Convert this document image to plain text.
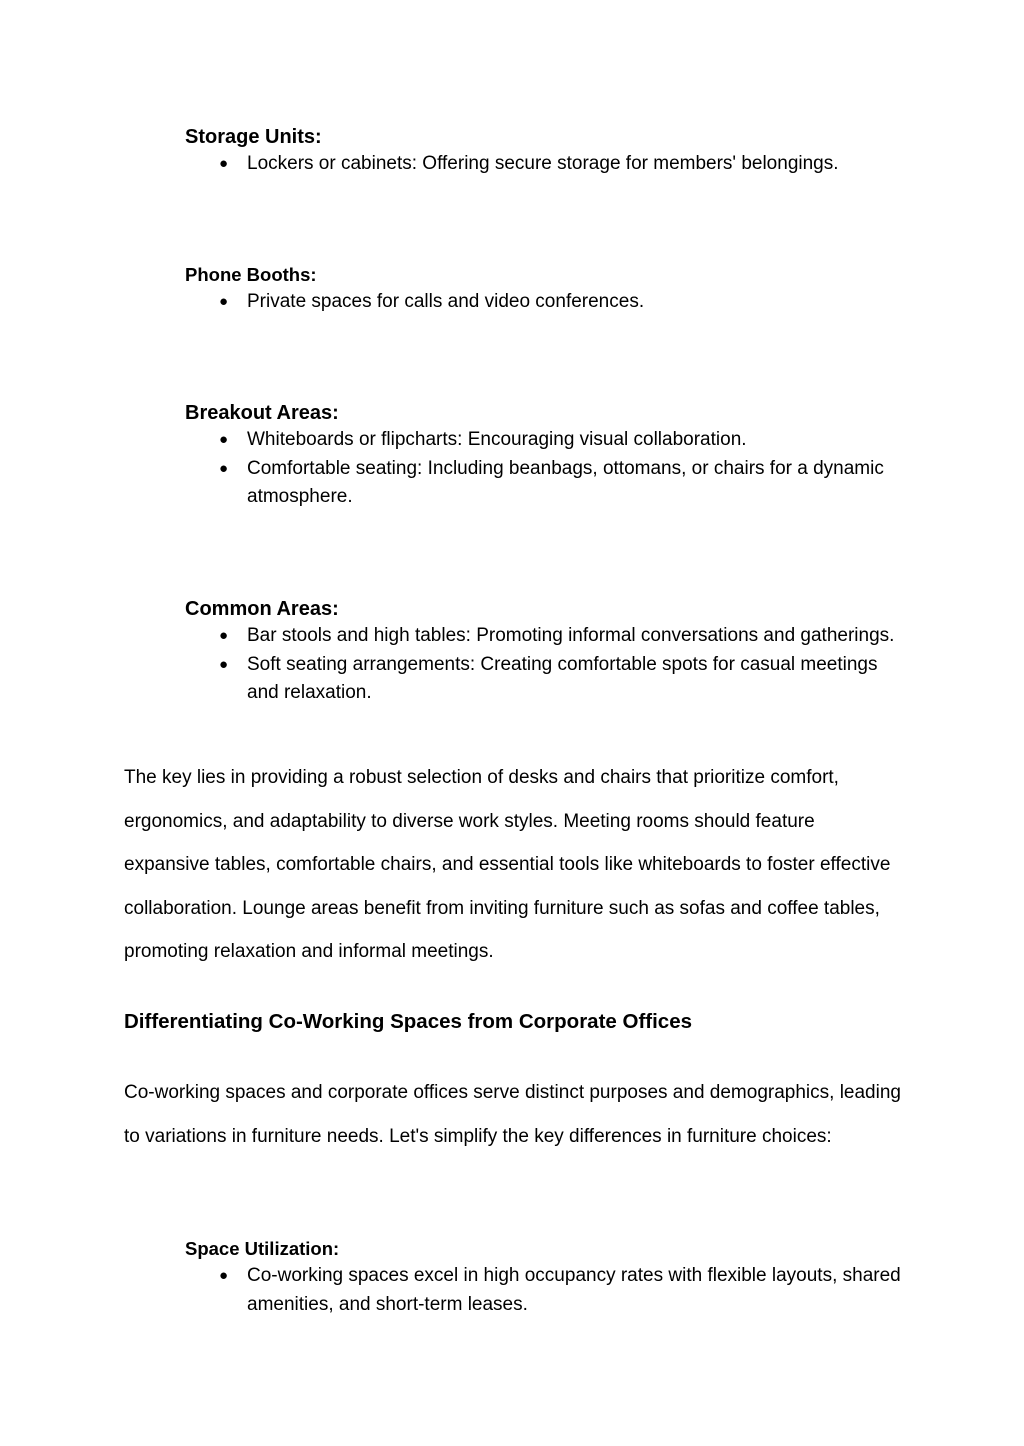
Storage Units:

● Lockers or cabinets: Offering secure storage for members' belongings.

Phone Booths:

● Private spaces for calls and video conferences.

Breakout Areas:

● Whiteboards or flipcharts: Encouraging visual collaboration.
● Comfortable seating: Including beanbags, ottomans, or chairs for a dynamic atmosphere.

Common Areas:

● Bar stools and high tables: Promoting informal conversations and gatherings.
● Soft seating arrangements: Creating comfortable spots for casual meetings and relaxation.

The key lies in providing a robust selection of desks and chairs that prioritize comfort, ergonomics, and adaptability to diverse work styles. Meeting rooms should feature expansive tables, comfortable chairs, and essential tools like whiteboards to foster effective collaboration. Lounge areas benefit from inviting furniture such as sofas and coffee tables, promoting relaxation and informal meetings.

Differentiating Co-Working Spaces from Corporate Offices

Co-working spaces and corporate offices serve distinct purposes and demographics, leading to variations in furniture needs. Let's simplify the key differences in furniture choices:

Space Utilization:

● Co-working spaces excel in high occupancy rates with flexible layouts, shared amenities, and short-term leases.
